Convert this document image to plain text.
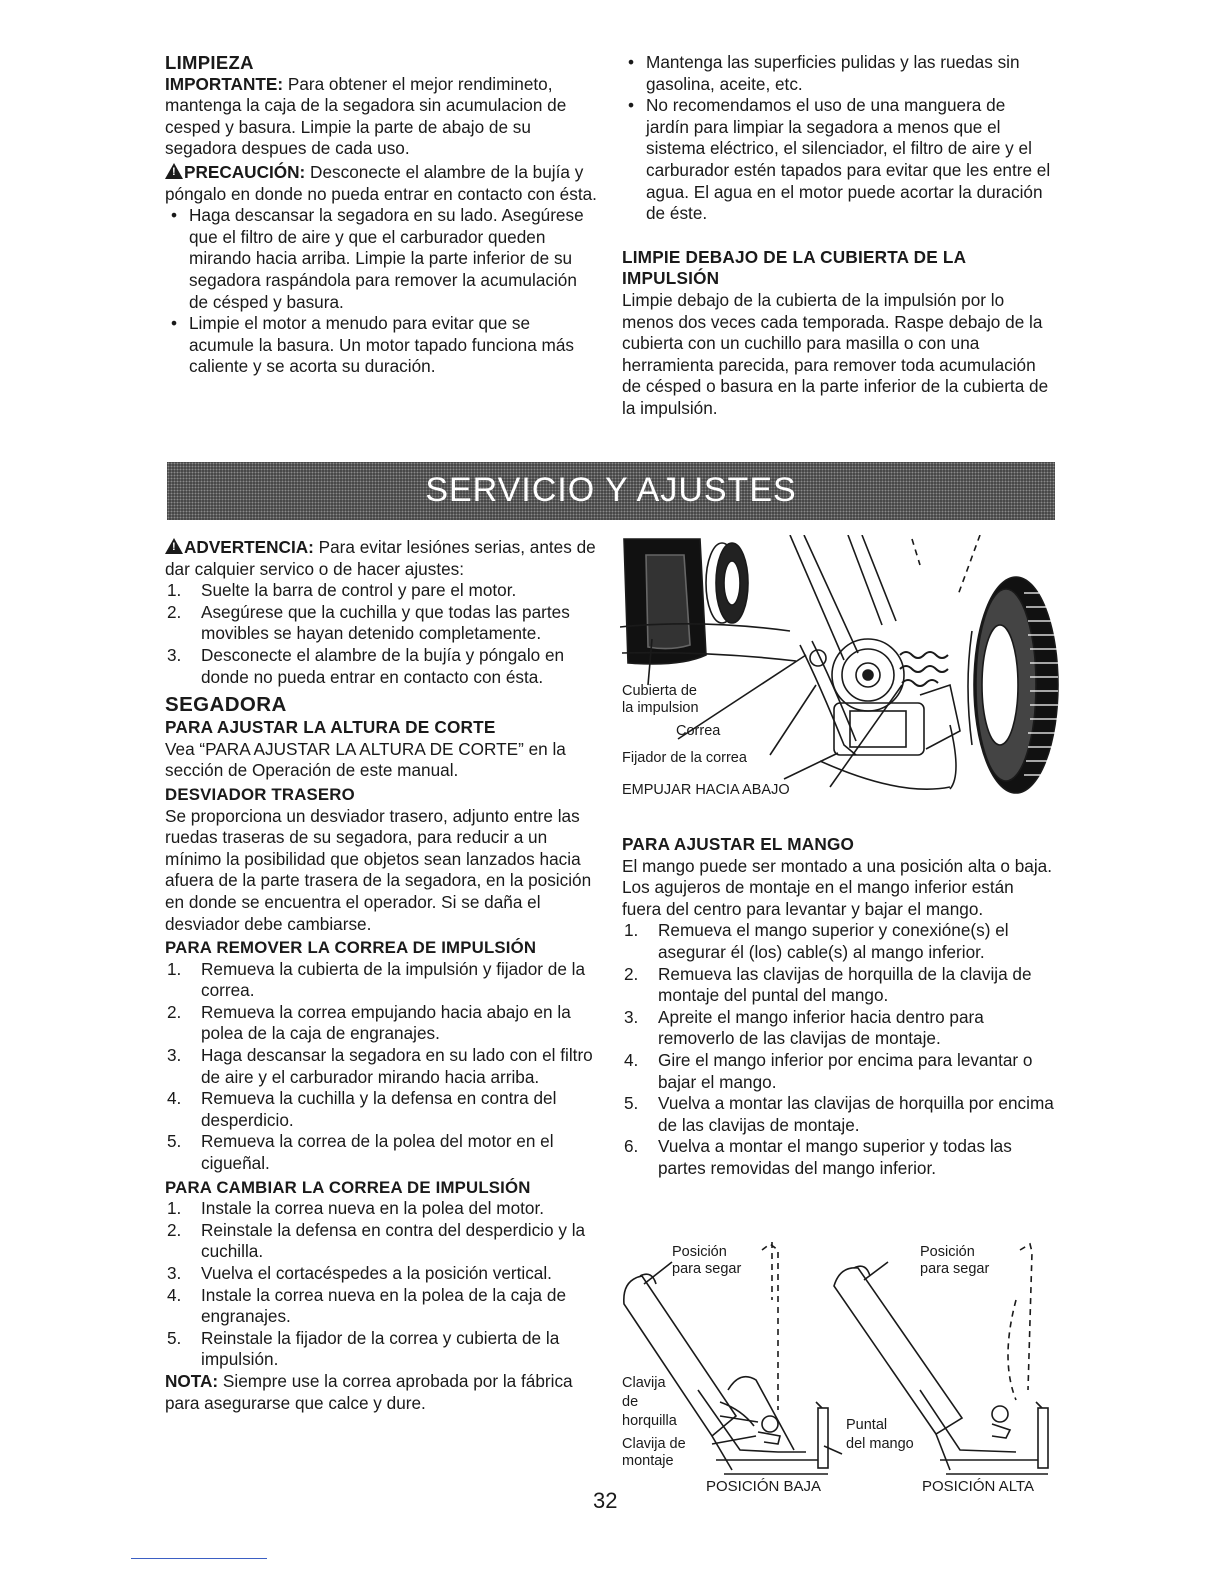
LIMPIEZA

IMPORTANTE: Para obtener el mejor rendimineto, mantenga la caja de la segadora sin acumulacion de cesped y basura. Limpie la parte de abajo de su segadora despues de cada uso.

!PRECAUCIÓN: Desconecte el alambre de la bujía y póngalo en donde no pueda entrar en contacto con ésta.

• Haga descansar la segadora en su lado. Asegúrese que el filtro de aire y que el carburador queden mirando hacia arriba. Limpie la parte inferior de su segadora raspándola para remover la acumulación de césped y basura.
• Limpie el motor a menudo para evitar que se acumule la basura. Un motor tapado funciona más caliente y se acorta su duración.
• Mantenga las superficies pulidas y las ruedas sin gasolina, aceite, etc.
• No recomendamos el uso de una manguera de jardín para limpiar la segadora a menos que el sistema eléctrico, el silenciador, el filtro de aire y el carburador estén tapados para evitar que les entre el agua. El agua en el motor puede acortar la duración de éste.
LIMPIE DEBAJO DE LA CUBIERTA DE LA IMPULSIÓN

Limpie debajo de la cubierta de la impulsión por lo menos dos veces cada temporada. Raspe debajo de la cubierta con un cuchillo para masilla o con una herramienta parecida, para remover toda acumulación de césped o basura en la parte inferior de la cubierta de la impulsión.

SERVICIO Y AJUSTES

!ADVERTENCIA: Para evitar lesiónes serias, antes de dar calquier servico o de hacer ajustes:

1. Suelte la barra de control y pare el motor.
2. Asegúrese que la cuchilla y que todas las partes movibles se hayan detenido completamente.
3. Desconecte el alambre de la bujía y póngalo en donde no pueda entrar en contacto con ésta.
SEGADORA
PARA AJUSTAR LA ALTURA DE CORTE

Vea “PARA AJUSTAR LA ALTURA DE CORTE” en la sección de Operación de este manual.

DESVIADOR TRASERO

Se proporciona un desviador trasero, adjunto entre las ruedas traseras de su segadora, para reducir a un mínimo la posibilidad que objetos sean lanzados hacia afuera de la parte trasera de la segadora, en la posición en donde se encuentra el operador. Si se daña el desviador debe cambiarse.

PARA REMOVER LA CORREA DE IMPULSIÓN
1. Remueva la cubierta de la impulsión y fijador de la correa.
2. Remueva la correa empujando hacia abajo en la polea de la caja de engranajes.
3. Haga descansar la segadora en su lado con el filtro de aire y el carburador mirando hacia arriba.
4. Remueva la cuchilla y la defensa en contra del desperdicio.
5. Remueva la correa de la polea del motor en el cigueñal.
PARA CAMBIAR LA CORREA DE IMPULSIÓN
1. Instale la correa nueva en la polea del motor.
2. Reinstale la defensa en contra del desperdicio y la cuchilla.
3. Vuelva el cortacéspedes a la posición vertical.
4. Instale la correa nueva en la polea de la caja de engranajes.
5. Reinstale la fijador de la correa y cubierta de la impulsión.

NOTA: Siempre use la correa aprobada por la fábrica para asegurarse que calce y dure.

Cubierta de
la impulsion
Correa
Fijador de la correa
EMPUJAR HACIA ABAJO
PARA AJUSTAR EL MANGO

El mango puede ser montado a una posición alta o baja. Los agujeros de montaje en el mango inferior están fuera del centro para levantar y bajar el mango.

1. Remueva el mango superior y conexióne(s) el asegurar él (los) cable(s) al mango inferior.
2. Remueva las clavijas de horquilla de la clavija de montaje del puntal del mango.
3. Apreite el mango inferior hacia dentro para removerlo de las clavijas de montaje.
4. Gire el mango inferior por encima para levantar o bajar el mango.
5. Vuelva a montar las clavijas de horquilla por encima de las clavijas de montaje.
6. Vuelva a montar el mango superior y todas las partes removidas del mango inferior.
Posición
para segar
Posición
para segar
Clavija
de
horquilla
Clavija de
montaje
Puntal
del mango
POSICIÓN BAJA	POSICIÓN ALTA
32
